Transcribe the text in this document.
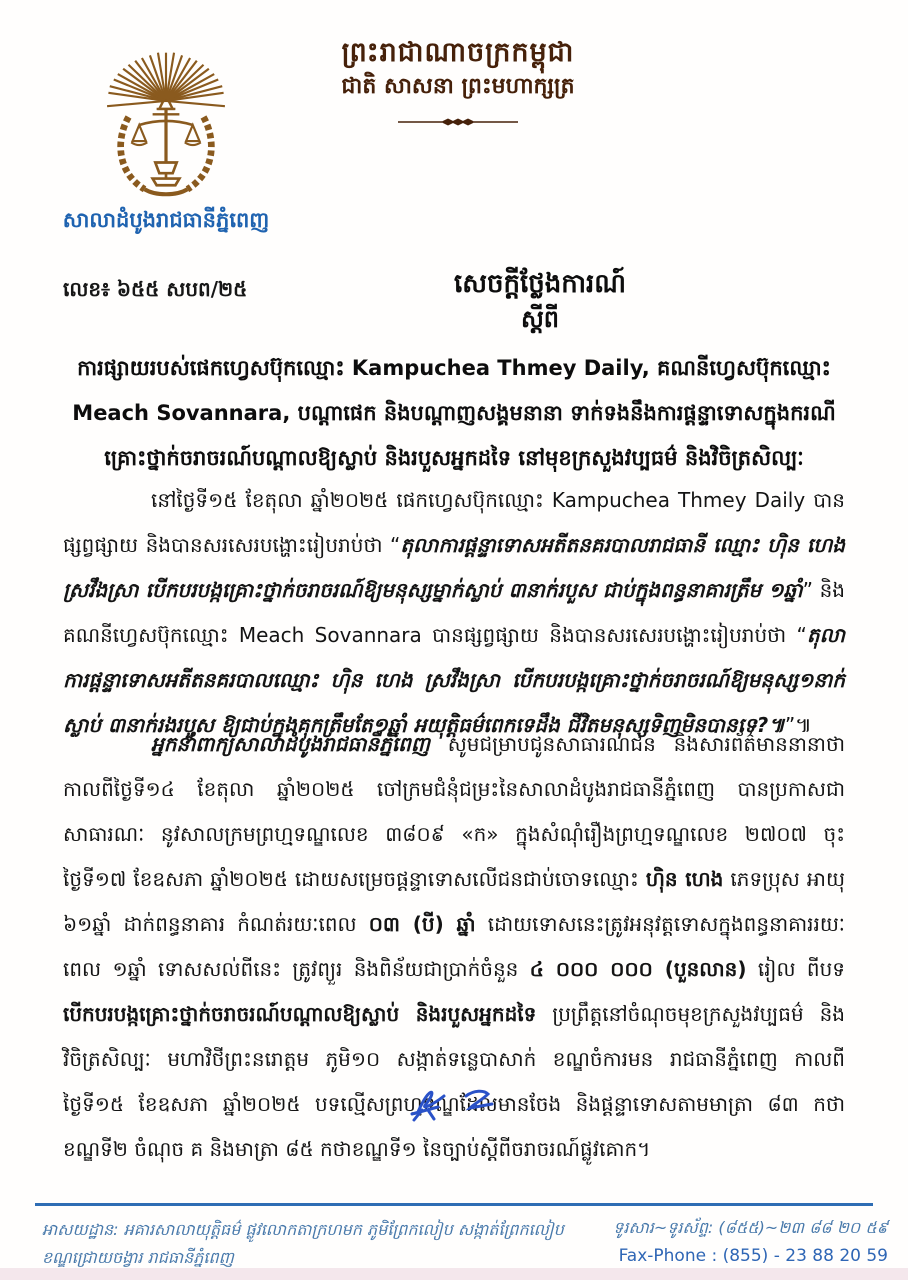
សាលាដំបូងរាជធានីភ្នំពេញ
ព្រះរាជាណាចក្រកម្ពុជា
ជាតិ សាសនា ព្រះមហាក្សត្រ
លេខ៖ ៦៥៥ សបព/២៥	សេចក្តីថ្លែងការណ៍
ស្តីពី
ការផ្សាយរបស់ផេកហ្វេសប៊ុកឈ្មោះ Kampuchea Thmey Daily, គណនីហ្វេសប៊ុកឈ្មោះ Meach Sovannara, បណ្តាផេក និងបណ្តាញសង្គមនានា ទាក់ទងនឹងការផ្តន្ទាទោសក្នុងករណីគ្រោះថ្នាក់ចរាចរណ៍បណ្តាលឱ្យស្លាប់ និងរបួសអ្នកដទៃ នៅមុខក្រសួងវប្បធម៌ និងវិចិត្រសិល្បៈ
នៅថ្ងៃទី១៥ ខែតុលា ឆ្នាំ២០២៥ ផេកហ្វេសប៊ុកឈ្មោះ Kampuchea Thmey Daily បានផ្សព្វផ្សាយ និងបានសរសេរបង្ហោះរៀបរាប់ថា “តុលាការផ្តន្ទាទោសអតីតនគរបាលរាជធានី ឈ្មោះ ហ៊ិន ហេង ស្រវឹងស្រា បើកបរបង្កគ្រោះថ្នាក់ចរាចរណ៍ឱ្យមនុស្សម្នាក់ស្លាប់ ៣នាក់របួស ជាប់ក្នុងពន្ធនាគារត្រឹម ១ឆ្នាំ” និងគណនីហ្វេសប៊ុកឈ្មោះ Meach Sovannara បានផ្សព្វផ្សាយ និងបានសរសេរបង្ហោះរៀបរាប់ថា “តុលាការផ្តន្ទាទោសអតីតនគរបាលឈ្មោះ ហ៊ិន ហេង ស្រវឹងស្រា បើកបរបង្កគ្រោះថ្នាក់ចរាចរណ៍ឱ្យមនុស្ស១នាក់ស្លាប់ ៣នាក់រងរបួស ឱ្យជាប់ក្នុងគុកត្រឹមតែ១ឆ្នាំ អយុត្តិធម៌ពេកទេដឹង ជីវិតមនុស្សទិញមិនបានទេ?៕”៕
អ្នកនាំពាក្យសាលាដំបូងរាជធានីភ្នំពេញ សូមជម្រាបជូនសាធារណជន និងសារព័ត៌មាននានាថា កាលពីថ្ងៃទី១៤ ខែតុលា ឆ្នាំ២០២៥ ចៅក្រមជំនុំជម្រះនៃសាលាដំបូងរាជធានីភ្នំពេញ បានប្រកាសជាសាធារណៈ នូវសាលក្រមព្រហ្មទណ្ឌលេខ ៣៨០៩ «ក» ក្នុងសំណុំរឿងព្រហ្មទណ្ឌលេខ ២៧០៧ ចុះថ្ងៃទី១៧ ខែឧសភា ឆ្នាំ២០២៥ ដោយសម្រេចផ្តន្ទាទោសលើជនជាប់ចោទឈ្មោះ ហ៊ិន ហេង ភេទប្រុស អាយុ ៦១ឆ្នាំ ដាក់ពន្ធនាគារ កំណត់រយៈពេល ០៣ (បី) ឆ្នាំ ដោយទោសនេះត្រូវអនុវត្តទោសក្នុងពន្ធនាគាររយៈពេល ១ឆ្នាំ ទោសសល់ពីនេះ ត្រូវព្យួរ និងពិន័យជាប្រាក់ចំនួន ៤ ០០០ ០០០ (បួនលាន) រៀល ពីបទ បើកបរបង្កគ្រោះថ្នាក់ចរាចរណ៍បណ្តាលឱ្យស្លាប់ និងរបួសអ្នកដទៃ ប្រព្រឹត្តនៅចំណុចមុខក្រសួងវប្បធម៌ និងវិចិត្រសិល្បៈ មហាវិថីព្រះនរោត្តម ភូមិ១០ សង្កាត់ទន្លេបាសាក់ ខណ្ឌចំការមន រាជធានីភ្នំពេញ កាលពីថ្ងៃទី១៥ ខែឧសភា ឆ្នាំ២០២៥ បទល្មើសព្រហ្មទណ្ឌដែលមានចែង និងផ្តន្ទាទោសតាមមាត្រា ៨៣ កថាខណ្ឌទី២ ចំណុច គ និងមាត្រា ៨៥ កថាខណ្ឌទី១ នៃច្បាប់ស្តីពីចរាចរណ៍ផ្លូវគោក។
អាសយដ្ឋាន: អគារសាលាយុត្តិធម៌ ផ្លូវលោកតាក្រហមក ភូមិព្រែកលៀប សង្កាត់ព្រែកលៀប
ខណ្ឌជ្រោយចង្វារ រាជធានីភ្នំពេញ
ទូរសារ~ទូរស័ព្ទ: (៨៥៥)~២៣ ៨៨ ២០ ៥៩
Fax-Phone : (855) - 23 88 20 59
